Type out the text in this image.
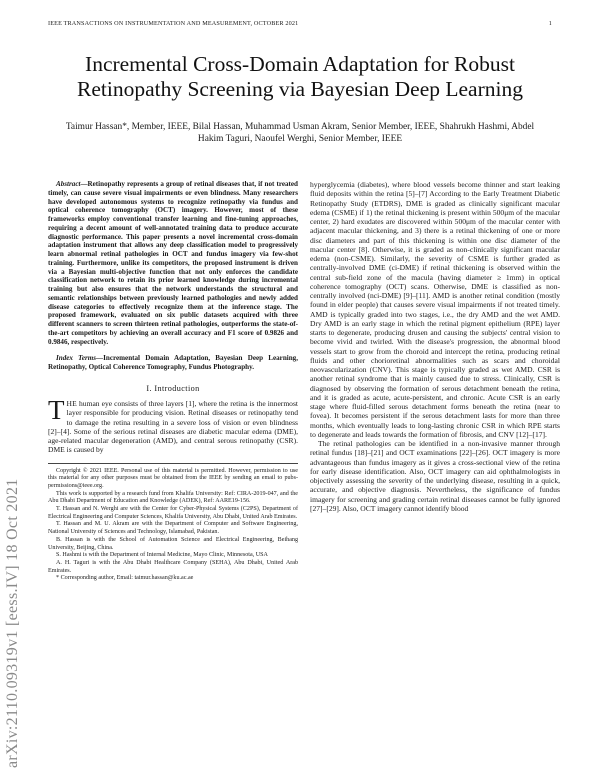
IEEE TRANSACTIONS ON INSTRUMENTATION AND MEASUREMENT, OCTOBER 2021	1
arXiv:2110.09319v1 [eess.IV] 18 Oct 2021
Incremental Cross-Domain Adaptation for Robust Retinopathy Screening via Bayesian Deep Learning
Taimur Hassan*, Member, IEEE, Bilal Hassan, Muhammad Usman Akram, Senior Member, IEEE, Shahrukh Hashmi, Abdel Hakim Taguri, Naoufel Werghi, Senior Member, IEEE
Abstract—Retinopathy represents a group of retinal diseases that, if not treated timely, can cause severe visual impairments or even blindness. Many researchers have developed autonomous systems to recognize retinopathy via fundus and optical coherence tomography (OCT) imagery. However, most of these frameworks employ conventional transfer learning and fine-tuning approaches, requiring a decent amount of well-annotated training data to produce accurate diagnostic performance. This paper presents a novel incremental cross-domain adaptation instrument that allows any deep classification model to progressively learn abnormal retinal pathologies in OCT and fundus imagery via few-shot training. Furthermore, unlike its competitors, the proposed instrument is driven via a Bayesian multi-objective function that not only enforces the candidate classification network to retain its prior learned knowledge during incremental training but also ensures that the network understands the structural and semantic relationships between previously learned pathologies and newly added disease categories to effectively recognize them at the inference stage. The proposed framework, evaluated on six public datasets acquired with three different scanners to screen thirteen retinal pathologies, outperforms the state-of-the-art competitors by achieving an overall accuracy and F1 score of 0.9826 and 0.9846, respectively.
Index Terms—Incremental Domain Adaptation, Bayesian Deep Learning, Retinopathy, Optical Coherence Tomography, Fundus Photography.
I. Introduction
THE human eye consists of three layers [1], where the retina is the innermost layer responsible for producing vision. Retinal diseases or retinopathy tend to damage the retina resulting in a severe loss of vision or even blindness [2]–[4]. Some of the serious retinal diseases are diabetic macular edema (DME), age-related macular degeneration (AMD), and central serous retinopathy (CSR). DME is caused by

Copyright © 2021 IEEE. Personal use of this material is permitted. However, permission to use this material for any other purposes must be obtained from the IEEE by sending an email to pubs-permissions@ieee.org.

This work is supported by a research fund from Khalifa University: Ref: CIRA-2019-047, and the Abu Dhabi Department of Education and Knowledge (ADEK), Ref: AARE19-156.

T. Hassan and N. Werghi are with the Center for Cyber-Physical Systems (C2PS), Department of Electrical Engineering and Computer Sciences, Khalifa University, Abu Dhabi, United Arab Emirates.

T. Hassan and M. U. Akram are with the Department of Computer and Software Engineering, National University of Sciences and Technology, Islamabad, Pakistan.

B. Hassan is with the School of Automation Science and Electrical Engineering, Beihang University, Beijing, China.

S. Hashmi is with the Department of Internal Medicine, Mayo Clinic, Minnesota, USA

A. H. Taguri is with the Abu Dhabi Healthcare Company (SEHA), Abu Dhabi, United Arab Emirates.

* Corresponding author, Email: taimur.hassan@ku.ac.ae

hyperglycemia (diabetes), where blood vessels become thinner and start leaking fluid deposits within the retina [5]–[7] According to the Early Treatment Diabetic Retinopathy Study (ETDRS), DME is graded as clinically significant macular edema (CSME) if 1) the retinal thickening is present within 500μm of the macular center, 2) hard exudates are discovered within 500μm of the macular center with adjacent macular thickening, and 3) there is a retinal thickening of one or more disc diameters and part of this thickening is within one disc diameter of the macular center [8]. Otherwise, it is graded as non-clinically significant macular edema (non-CSME). Similarly, the severity of CSME is further graded as centrally-involved DME (ci-DME) if retinal thickening is observed within the central sub-field zone of the macula (having diameter ≥ 1mm) in optical coherence tomography (OCT) scans. Otherwise, DME is classified as non-centrally involved (nci-DME) [9]–[11]. AMD is another retinal condition (mostly found in elder people) that causes severe visual impairments if not treated timely. AMD is typically graded into two stages, i.e., the dry AMD and the wet AMD. Dry AMD is an early stage in which the retinal pigment epithelium (RPE) layer starts to degenerate, producing drusen and causing the subjects' central vision to become vivid and twirled. With the disease's progression, the abnormal blood vessels start to grow from the choroid and intercept the retina, producing retinal fluids and other chorioretinal abnormalities such as scars and choroidal neovascularization (CNV). This stage is typically graded as wet AMD. CSR is another retinal syndrome that is mainly caused due to stress. Clinically, CSR is diagnosed by observing the formation of serous detachment beneath the retina, and it is graded as acute, acute-persistent, and chronic. Acute CSR is an early stage where fluid-filled serous detachment forms beneath the retina (near to fovea). It becomes persistent if the serous detachment lasts for more than three months, which eventually leads to long-lasting chronic CSR in which RPE starts to degenerate and leads towards the formation of fibrosis, and CNV [12]–[17].

The retinal pathologies can be identified in a non-invasive manner through retinal fundus [18]–[21] and OCT examinations [22]–[26]. OCT imagery is more advantageous than fundus imagery as it gives a cross-sectional view of the retina for early disease identification. Also, OCT imagery can aid ophthalmologists in objectively assessing the severity of the underlying disease, resulting in a quick, accurate, and objective diagnosis. Nevertheless, the significance of fundus imagery for screening and grading certain retinal diseases cannot be fully ignored [27]–[29]. Also, OCT imagery cannot identify blood
